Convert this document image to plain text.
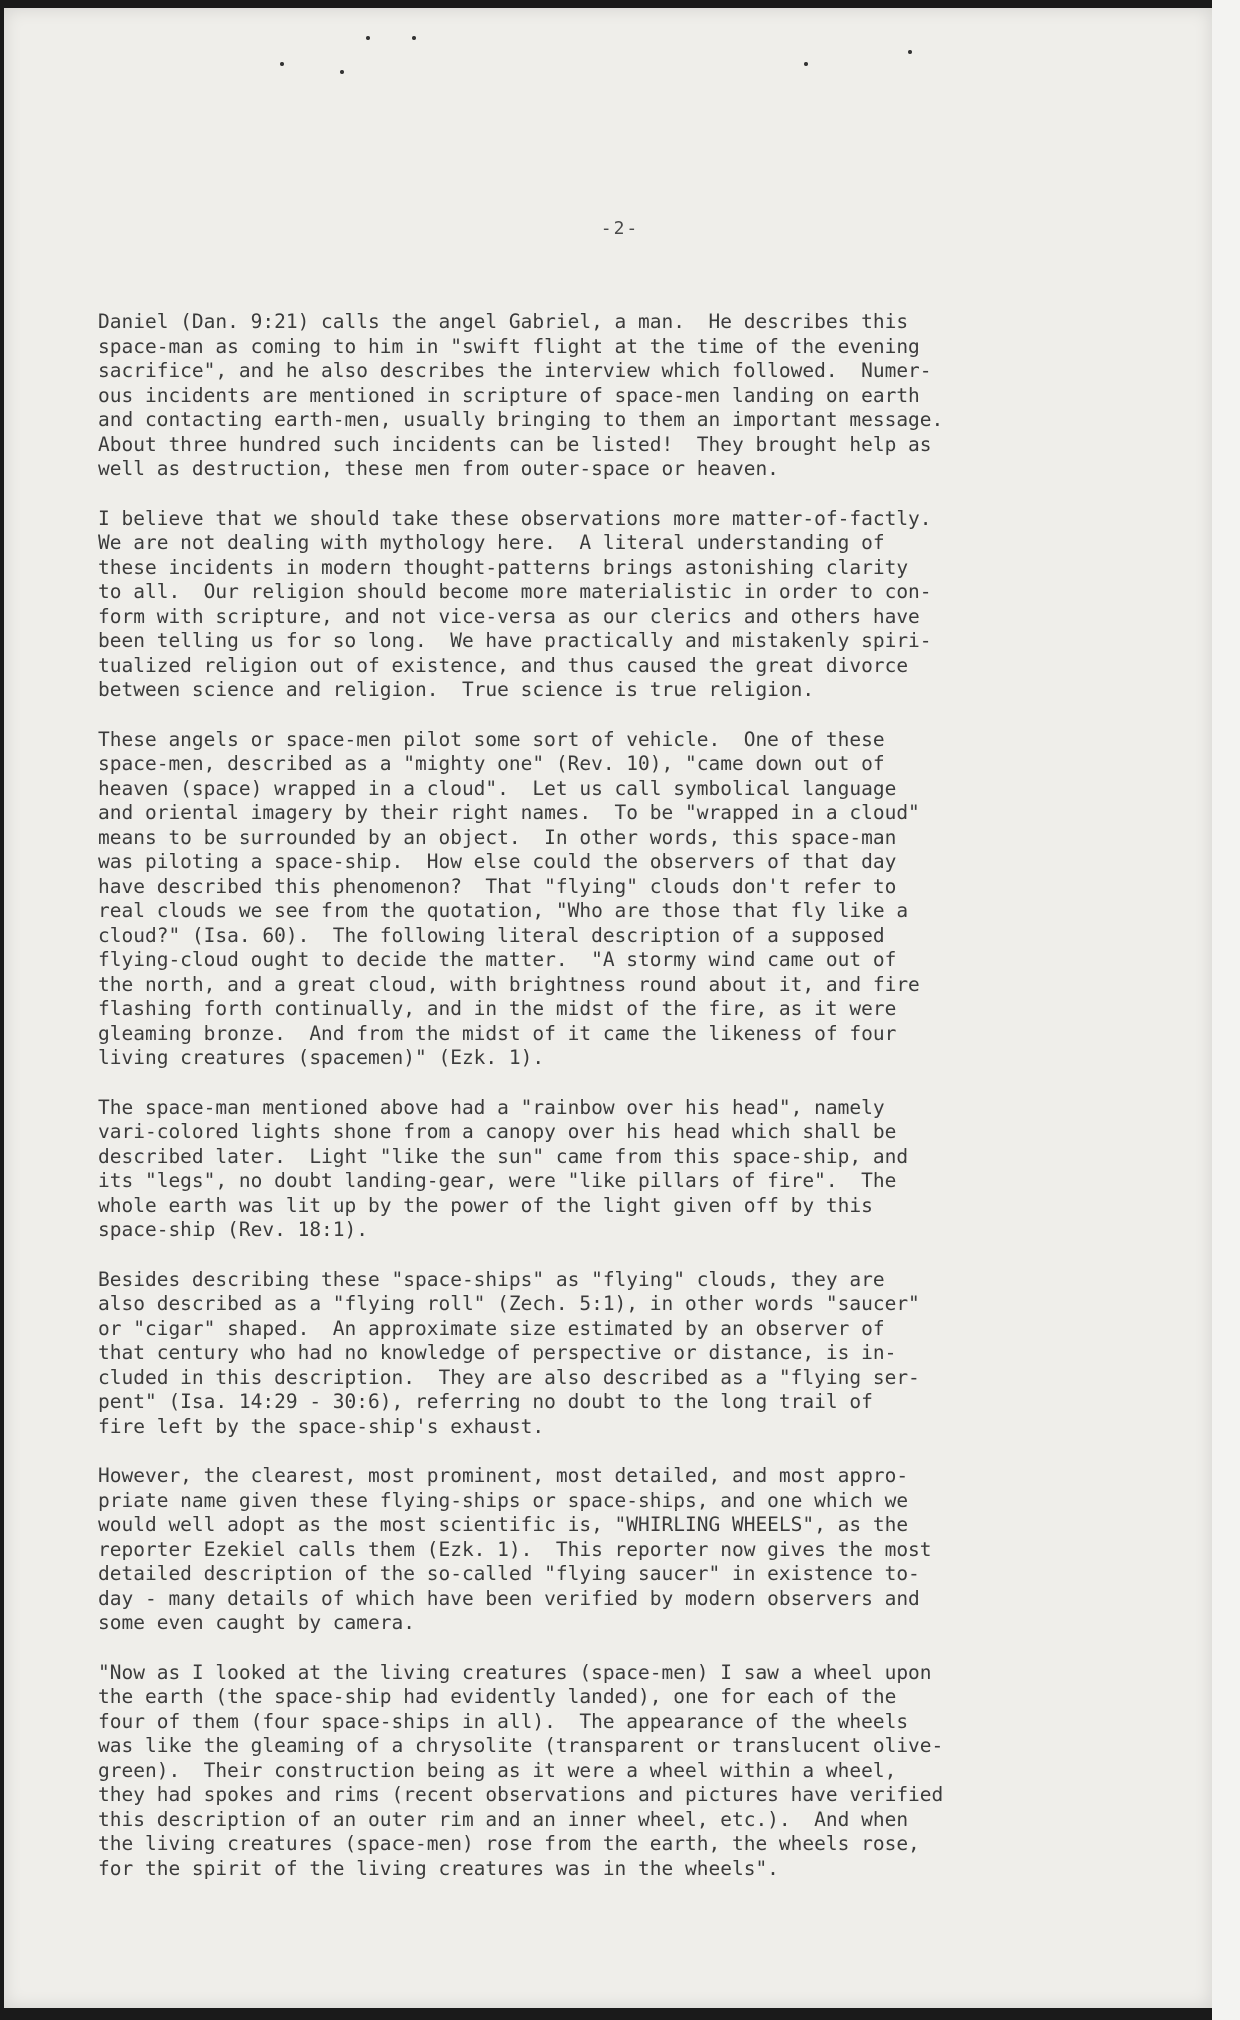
-2-

Daniel (Dan. 9:21) calls the angel Gabriel, a man.  He describes this
space-man as coming to him in "swift flight at the time of the evening
sacrifice", and he also describes the interview which followed.  Numer-
ous incidents are mentioned in scripture of space-men landing on earth
and contacting earth-men, usually bringing to them an important message.
About three hundred such incidents can be listed!  They brought help as
well as destruction, these men from outer-space or heaven.

I believe that we should take these observations more matter-of-factly.
We are not dealing with mythology here.  A literal understanding of
these incidents in modern thought-patterns brings astonishing clarity
to all.  Our religion should become more materialistic in order to con-
form with scripture, and not vice-versa as our clerics and others have
been telling us for so long.  We have practically and mistakenly spiri-
tualized religion out of existence, and thus caused the great divorce
between science and religion.  True science is true religion.

These angels or space-men pilot some sort of vehicle.  One of these
space-men, described as a "mighty one" (Rev. 10), "came down out of
heaven (space) wrapped in a cloud".  Let us call symbolical language
and oriental imagery by their right names.  To be "wrapped in a cloud"
means to be surrounded by an object.  In other words, this space-man
was piloting a space-ship.  How else could the observers of that day
have described this phenomenon?  That "flying" clouds don't refer to
real clouds we see from the quotation, "Who are those that fly like a
cloud?" (Isa. 60).  The following literal description of a supposed
flying-cloud ought to decide the matter.  "A stormy wind came out of
the north, and a great cloud, with brightness round about it, and fire
flashing forth continually, and in the midst of the fire, as it were
gleaming bronze.  And from the midst of it came the likeness of four
living creatures (spacemen)" (Ezk. 1).

The space-man mentioned above had a "rainbow over his head", namely
vari-colored lights shone from a canopy over his head which shall be
described later.  Light "like the sun" came from this space-ship, and
its "legs", no doubt landing-gear, were "like pillars of fire".  The
whole earth was lit up by the power of the light given off by this
space-ship (Rev. 18:1).

Besides describing these "space-ships" as "flying" clouds, they are
also described as a "flying roll" (Zech. 5:1), in other words "saucer"
or "cigar" shaped.  An approximate size estimated by an observer of
that century who had no knowledge of perspective or distance, is in-
cluded in this description.  They are also described as a "flying ser-
pent" (Isa. 14:29 - 30:6), referring no doubt to the long trail of
fire left by the space-ship's exhaust.

However, the clearest, most prominent, most detailed, and most appro-
priate name given these flying-ships or space-ships, and one which we
would well adopt as the most scientific is, "WHIRLING WHEELS", as the
reporter Ezekiel calls them (Ezk. 1).  This reporter now gives the most
detailed description of the so-called "flying saucer" in existence to-
day - many details of which have been verified by modern observers and
some even caught by camera.

"Now as I looked at the living creatures (space-men) I saw a wheel upon
the earth (the space-ship had evidently landed), one for each of the
four of them (four space-ships in all).  The appearance of the wheels
was like the gleaming of a chrysolite (transparent or translucent olive-
green).  Their construction being as it were a wheel within a wheel,
they had spokes and rims (recent observations and pictures have verified
this description of an outer rim and an inner wheel, etc.).  And when
the living creatures (space-men) rose from the earth, the wheels rose,
for the spirit of the living creatures was in the wheels".
